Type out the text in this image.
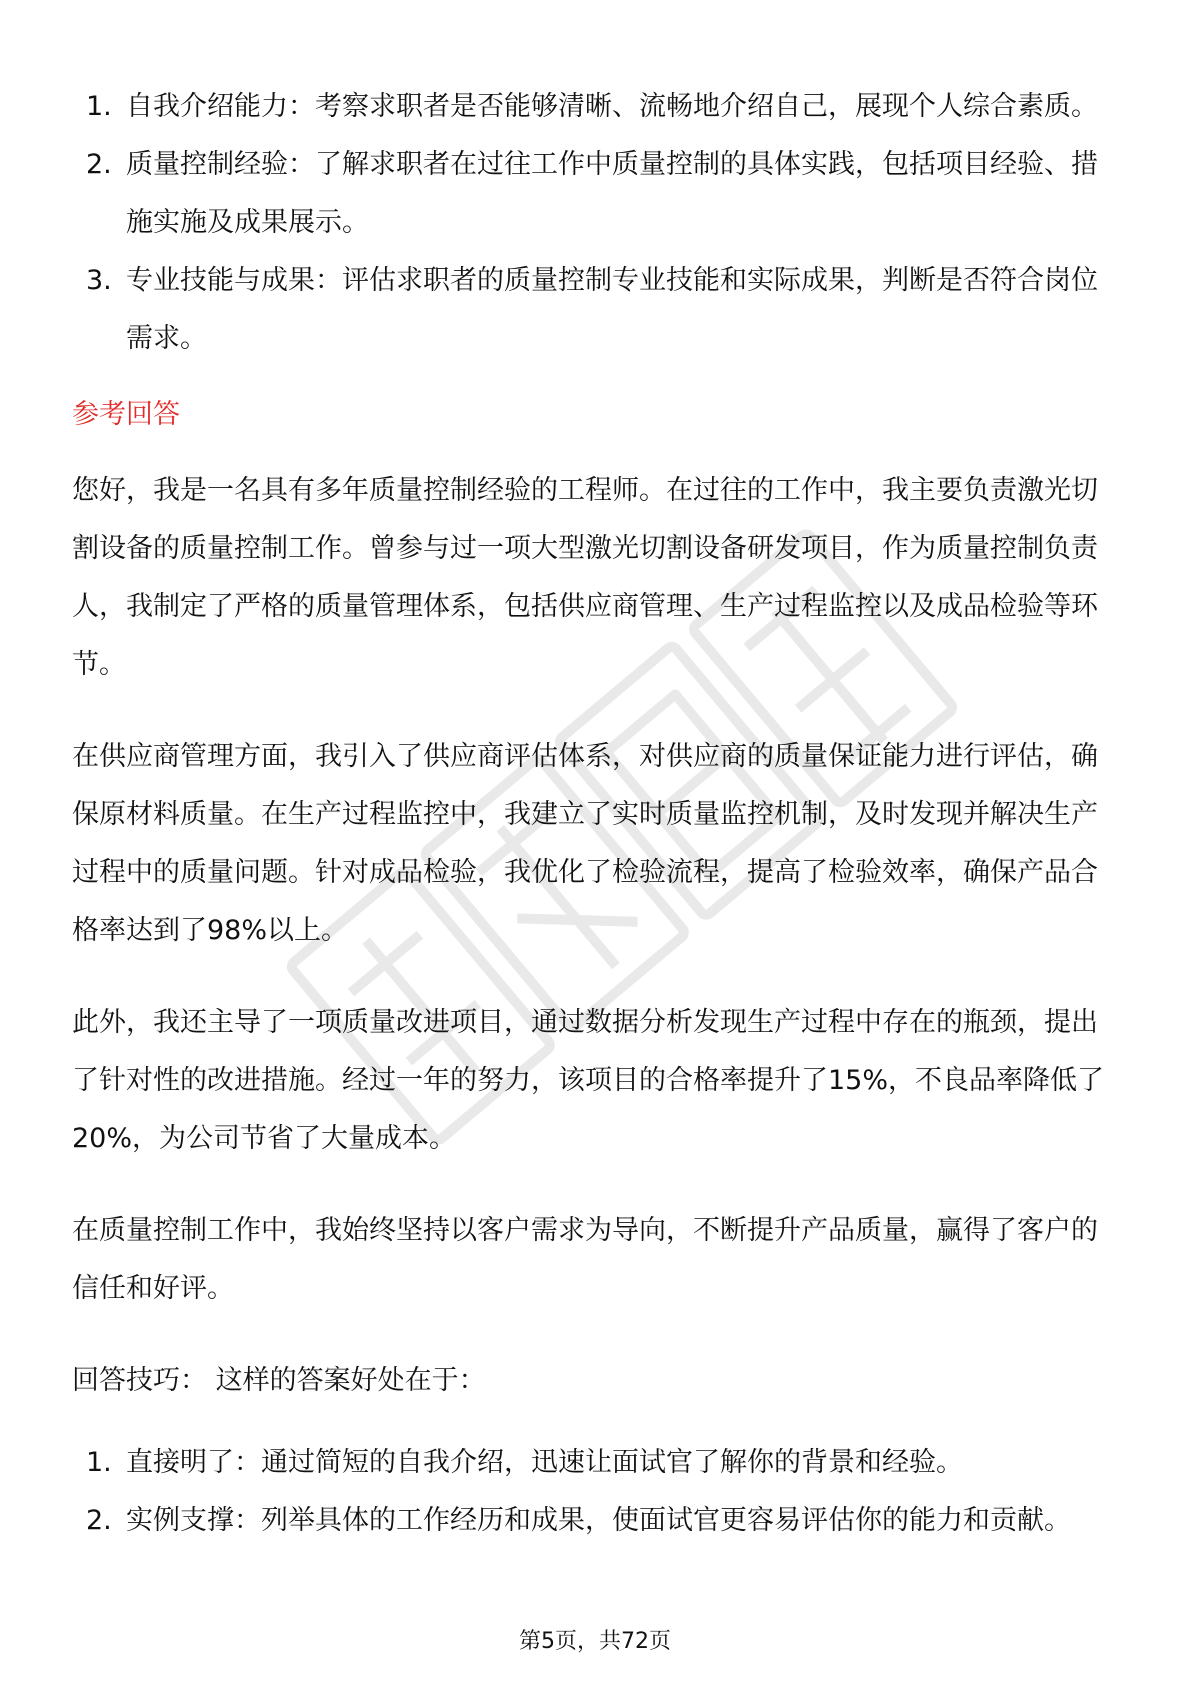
1. 自我介绍能力：考察求职者是否能够清晰、流畅地介绍自己，展现个人综合素质。
2. 质量控制经验：了解求职者在过往工作中质量控制的具体实践，包括项目经验、措施实施及成果展示。
3. 专业技能与成果：评估求职者的质量控制专业技能和实际成果，判断是否符合岗位需求。
参考回答

您好，我是一名具有多年质量控制经验的工程师。在过往的工作中，我主要负责激光切割设备的质量控制工作。曾参与过一项大型激光切割设备研发项目，作为质量控制负责人，我制定了严格的质量管理体系，包括供应商管理、生产过程监控以及成品检验等环节。

在供应商管理方面，我引入了供应商评估体系，对供应商的质量保证能力进行评估，确保原材料质量。在生产过程监控中，我建立了实时质量监控机制，及时发现并解决生产过程中的质量问题。针对成品检验，我优化了检验流程，提高了检验效率，确保产品合格率达到了98%以上。

此外，我还主导了一项质量改进项目，通过数据分析发现生产过程中存在的瓶颈，提出了针对性的改进措施。经过一年的努力，该项目的合格率提升了15%，不良品率降低了20%，为公司节省了大量成本。

在质量控制工作中，我始终坚持以客户需求为导向，不断提升产品质量，赢得了客户的信任和好评。

回答技巧： 这样的答案好处在于：
1. 直接明了：通过简短的自我介绍，迅速让面试官了解你的背景和经验。
2. 实例支撑：列举具体的工作经历和成果，使面试官更容易评估你的能力和贡献。
第5页，共72页
